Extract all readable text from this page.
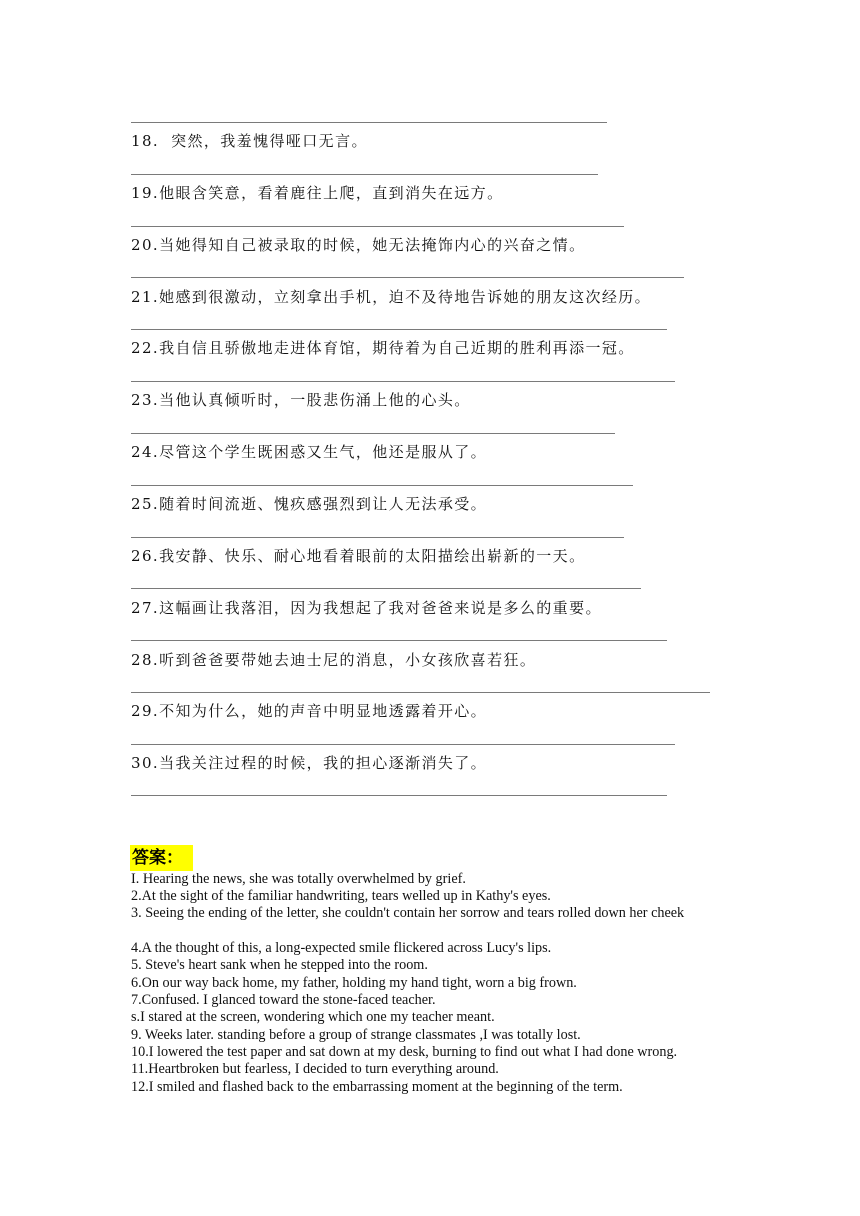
18. 突然，我羞愧得哑口无言。
19.他眼含笑意，看着鹿往上爬，直到消失在远方。
20.当她得知自己被录取的时候，她无法掩饰内心的兴奋之情。
21.她感到很激动，立刻拿出手机，迫不及待地告诉她的朋友这次经历。
22.我自信且骄傲地走进体育馆，期待着为自己近期的胜利再添一冠。
23.当他认真倾听时，一股悲伤涌上他的心头。
24.尽管这个学生既困惑又生气，他还是服从了。
25.随着时间流逝、愧疚感强烈到让人无法承受。
26.我安静、快乐、耐心地看着眼前的太阳描绘出崭新的一天。
27.这幅画让我落泪，因为我想起了我对爸爸来说是多么的重要。
28.听到爸爸要带她去迪士尼的消息，小女孩欣喜若狂。
29.不知为什么，她的声音中明显地透露着开心。
30.当我关注过程的时候，我的担心逐渐消失了。
答案：
I. Hearing the news, she was totally overwhelmed by grief.
2.At the sight of the familiar handwriting, tears welled up in Kathy's eyes.
3. Seeing the ending of the letter, she couldn't contain her sorrow and tears rolled down her cheek
4.A the thought of this, a long-expected smile flickered across Lucy's lips.
5. Steve's heart sank when he stepped into the room.
6.On our way back home, my father, holding my hand tight, worn a big frown.
7.Confused. I glanced toward the stone-faced teacher.
s.I stared at the screen, wondering which one my teacher meant.
9. Weeks later. standing before a group of strange classmates ,I was totally lost.
10.I lowered the test paper and sat down at my desk, burning to find out what I had done wrong. 11.Heartbroken but fearless, I decided to turn everything around.
12.I smiled and flashed back to the embarrassing moment at the beginning of the term.
